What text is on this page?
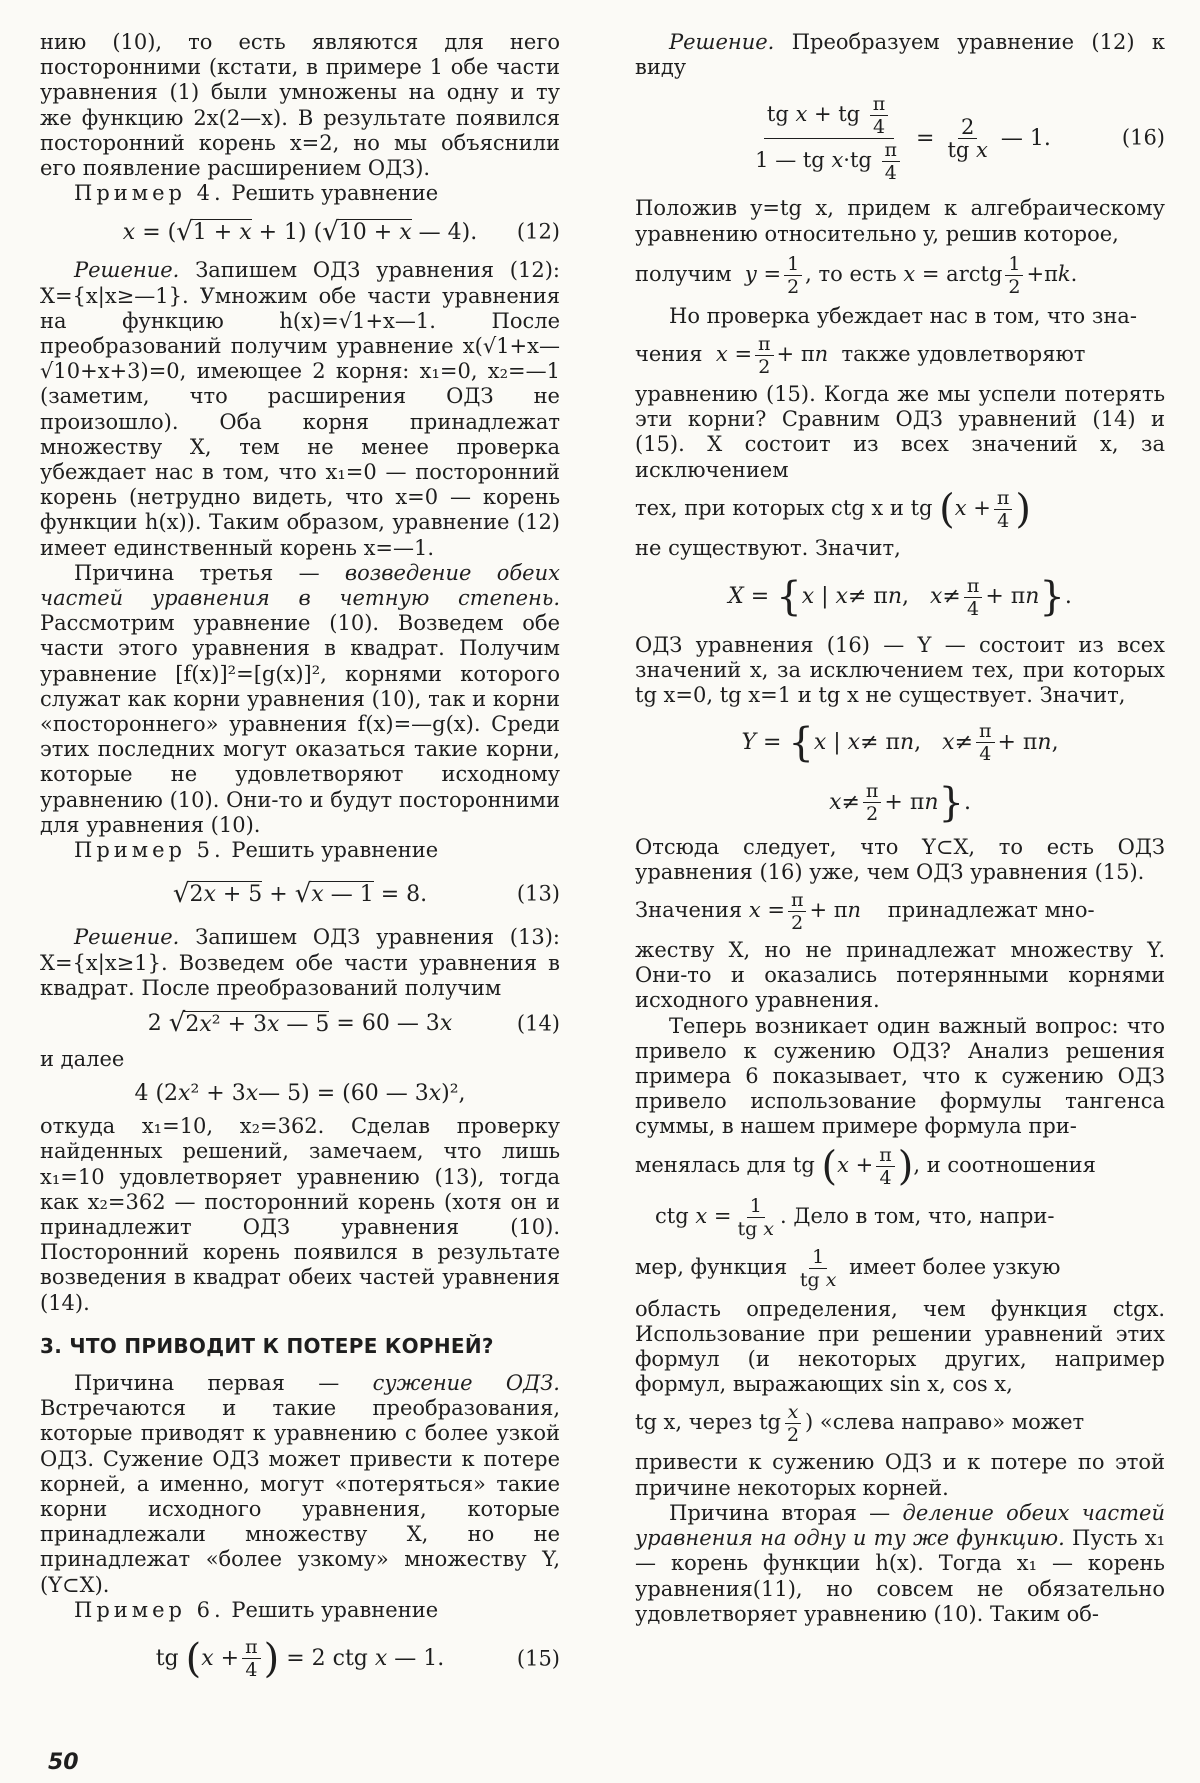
нию (10), то есть являются для него посторонними (кстати, в примере 1 обе части уравнения (1) были умножены на одну и ту же функцию 2x(2—x). В результате появился посторонний корень x=2, но мы объяснили его появление расширением ОДЗ).

Пример 4. Решить уравнение

x = ( √ 1 + x + 1) ( √ 10 + x — 4). (12)

Решение. Запишем ОДЗ уравнения (12): X={x|x≥—1}. Умножим обе части уравнения на функцию h(x)=√1+x—1. После преобразований получим уравнение x(√1+x—√10+x+3)=0, имеющее 2 корня: x₁=0, x₂=—1 (заметим, что расширения ОДЗ не произошло). Оба корня принадлежат множеству X, тем не менее проверка убеждает нас в том, что x₁=0 — посторонний корень (нетрудно видеть, что x=0 — корень функции h(x)). Таким образом, уравнение (12) имеет единственный корень x=—1.

Причина третья — возведение обеих частей уравнения в четную степень. Рассмотрим уравнение (10). Возведем обе части этого уравнения в квадрат. Получим уравнение [f(x)]²=[g(x)]², корнями которого служат как корни уравнения (10), так и корни «постороннего» уравнения f(x)=—g(x). Среди этих последних могут оказаться такие корни, которые не удовлетворяют исходному уравнению (10). Они-то и будут посторонними для уравнения (10).

Пример 5. Решить уравнение

√ 2x + 5 + √ x — 1 = 8.	(13)

Решение. Запишем ОДЗ уравнения (13): X={x|x≥1}. Возведем обе части уравнения в квадрат. После преобразований получим

2 √ 2x² + 3x — 5 = 60 — 3 x	(14)

и далее

4 (2 x ² + 3 x — 5) = (60 — 3 x )²,

откуда x₁=10, x₂=362. Сделав проверку найденных решений, замечаем, что лишь x₁=10 удовлетворяет уравнению (13), тогда как x₂=362 — посторонний корень (хотя он и принадлежит ОДЗ уравнения (10). Посторонний корень появился в результате возведения в квадрат обеих частей уравнения (14).

3. ЧТО ПРИВОДИТ К ПОТЕРЕ КОРНЕЙ?

Причина первая — сужение ОДЗ. Встречаются и такие преобразования, которые приводят к уравнению с более узкой ОДЗ. Сужение ОДЗ может привести к потере корней, а именно, могут «потеряться» такие корни исходного уравнения, которые принадлежали множеству X, но не принадлежат «более узкому» множеству Y, (Y⊂X).

Пример 6. Решить уравнение

tg ( x + π
4 ) = 2 ctg x — 1.	(15)

Решение. Преобразуем уравнение (12) к виду

tg x + tg $\frac{\pi}{4}$
1 — tg $x\cdot tg \frac{\pi}{4}$
= 2
tg x — 1.	(16)

Положив y=tg x, придем к алгебраическому уравнению относительно y, решив которое,

получим $y = \frac{1}{2}$ , то есть x = arctg $\frac{1}{2} +\pi k$.

Но проверка убеждает нас в том, что зна-

чения $x = \frac{\pi}{2} + \pi n$ также удовлетворяют

уравнению (15). Когда же мы успели потерять эти корни? Сравним ОДЗ уравнений (14) и (15). X состоит из всех значений x, за исключением

тех, при которых ctg x и tg ($x + \frac{\pi}{4}$ )

не существуют. Значит,

X = { x | x ≠ π n , x ≠ π
4 + π n } .

ОДЗ уравнения (16) — Y — состоит из всех значений x, за исключением тех, при которых tg x=0, tg x=1 и tg x не существует. Значит,

Y = { x | x ≠ π n , x ≠ π
4 + π n ,
x ≠ π
2 + π n } .

Отсюда следует, что Y⊂X, то есть ОДЗ уравнения (16) уже, чем ОДЗ уравнения (15).

Значения $x = \frac{\pi}{2} + \pi n$ принадлежат мно-

жеству X, но не принадлежат множеству Y. Они-то и оказались потерянными корнями исходного уравнения.

Теперь возникает один важный вопрос: что привело к сужению ОДЗ? Анализ решения примера 6 показывает, что к сужению ОДЗ привело использование формулы тангенса суммы, в нашем примере формула при-

менялась для tg ($x + \frac{\pi}{4}$ ), и соотношения

ctg $x = \frac{1}{\text{tg x}}$ . Дело в том, что, напри-

мер, функция $\frac{1}{\text{tg x}}$ имеет более узкую

область определения, чем функция ctgx. Использование при решении уравнений этих формул (и некоторых других, например формул, выражающих sin x, cos x,

tg x, через tg $\frac{x}{2}$ ) «слева направо» может

привести к сужению ОДЗ и к потере по этой причине некоторых корней.

Причина вторая — деление обеих частей уравнения на одну и ту же функцию. Пусть x₁ — корень функции h(x). Тогда x₁ — корень уравнения(11), но совсем не обязательно удовлетворяет уравнению (10). Таким об-

50
